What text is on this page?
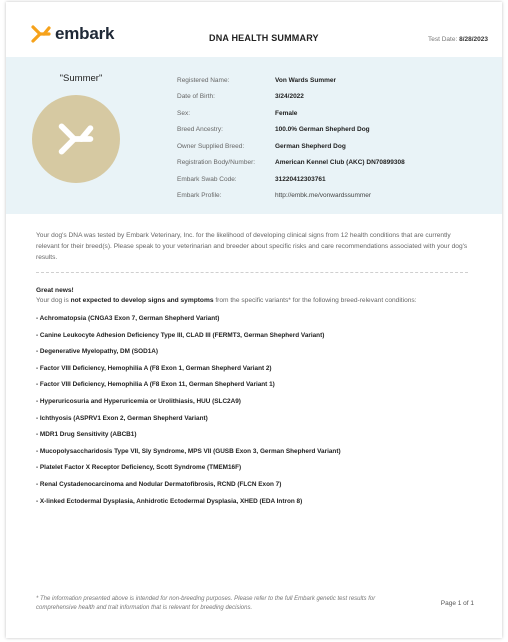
embark	DNA HEALTH SUMMARY	Test Date: 8/28/2023
"Summer"	Registered Name:	Von Wards Summer
Date of Birth:	3/24/2022
Sex:	Female
Breed Ancestry:	100.0% German Shepherd Dog
Owner Supplied Breed:	German Shepherd Dog
Registration Body/Number:	American Kennel Club (AKC) DN70899308
Embark Swab Code:	31220412303761
Embark Profile:	http://embk.me/vonwardssummer
Your dog's DNA was tested by Embark Veterinary, Inc. for the likelihood of developing clinical signs from 12 health conditions that are currently relevant for their breed(s). Please speak to your veterinarian and breeder about specific risks and care recommendations associated with your dog's results.
Great news!
Your dog is not expected to develop signs and symptoms from the specific variants* for the following breed-relevant conditions:
- Achromatopsia (CNGA3 Exon 7, German Shepherd Variant)
- Canine Leukocyte Adhesion Deficiency Type III, CLAD III (FERMT3, German Shepherd Variant)
- Degenerative Myelopathy, DM (SOD1A)
- Factor VIII Deficiency, Hemophilia A (F8 Exon 1, German Shepherd Variant 2)
- Factor VIII Deficiency, Hemophilia A (F8 Exon 11, German Shepherd Variant 1)
- Hyperuricosuria and Hyperuricemia or Urolithiasis, HUU (SLC2A9)
- Ichthyosis (ASPRV1 Exon 2, German Shepherd Variant)
- MDR1 Drug Sensitivity (ABCB1)
- Mucopolysaccharidosis Type VII, Sly Syndrome, MPS VII (GUSB Exon 3, German Shepherd Variant)
- Platelet Factor X Receptor Deficiency, Scott Syndrome (TMEM16F)
- Renal Cystadenocarcinoma and Nodular Dermatofibrosis, RCND (FLCN Exon 7)
- X-linked Ectodermal Dysplasia, Anhidrotic Ectodermal Dysplasia, XHED (EDA Intron 8)
* The information presented above is intended for non-breeding purposes. Please refer to the full Embark genetic test results for comprehensive health and trait information that is relevant for breeding decisions.
Page 1 of 1
